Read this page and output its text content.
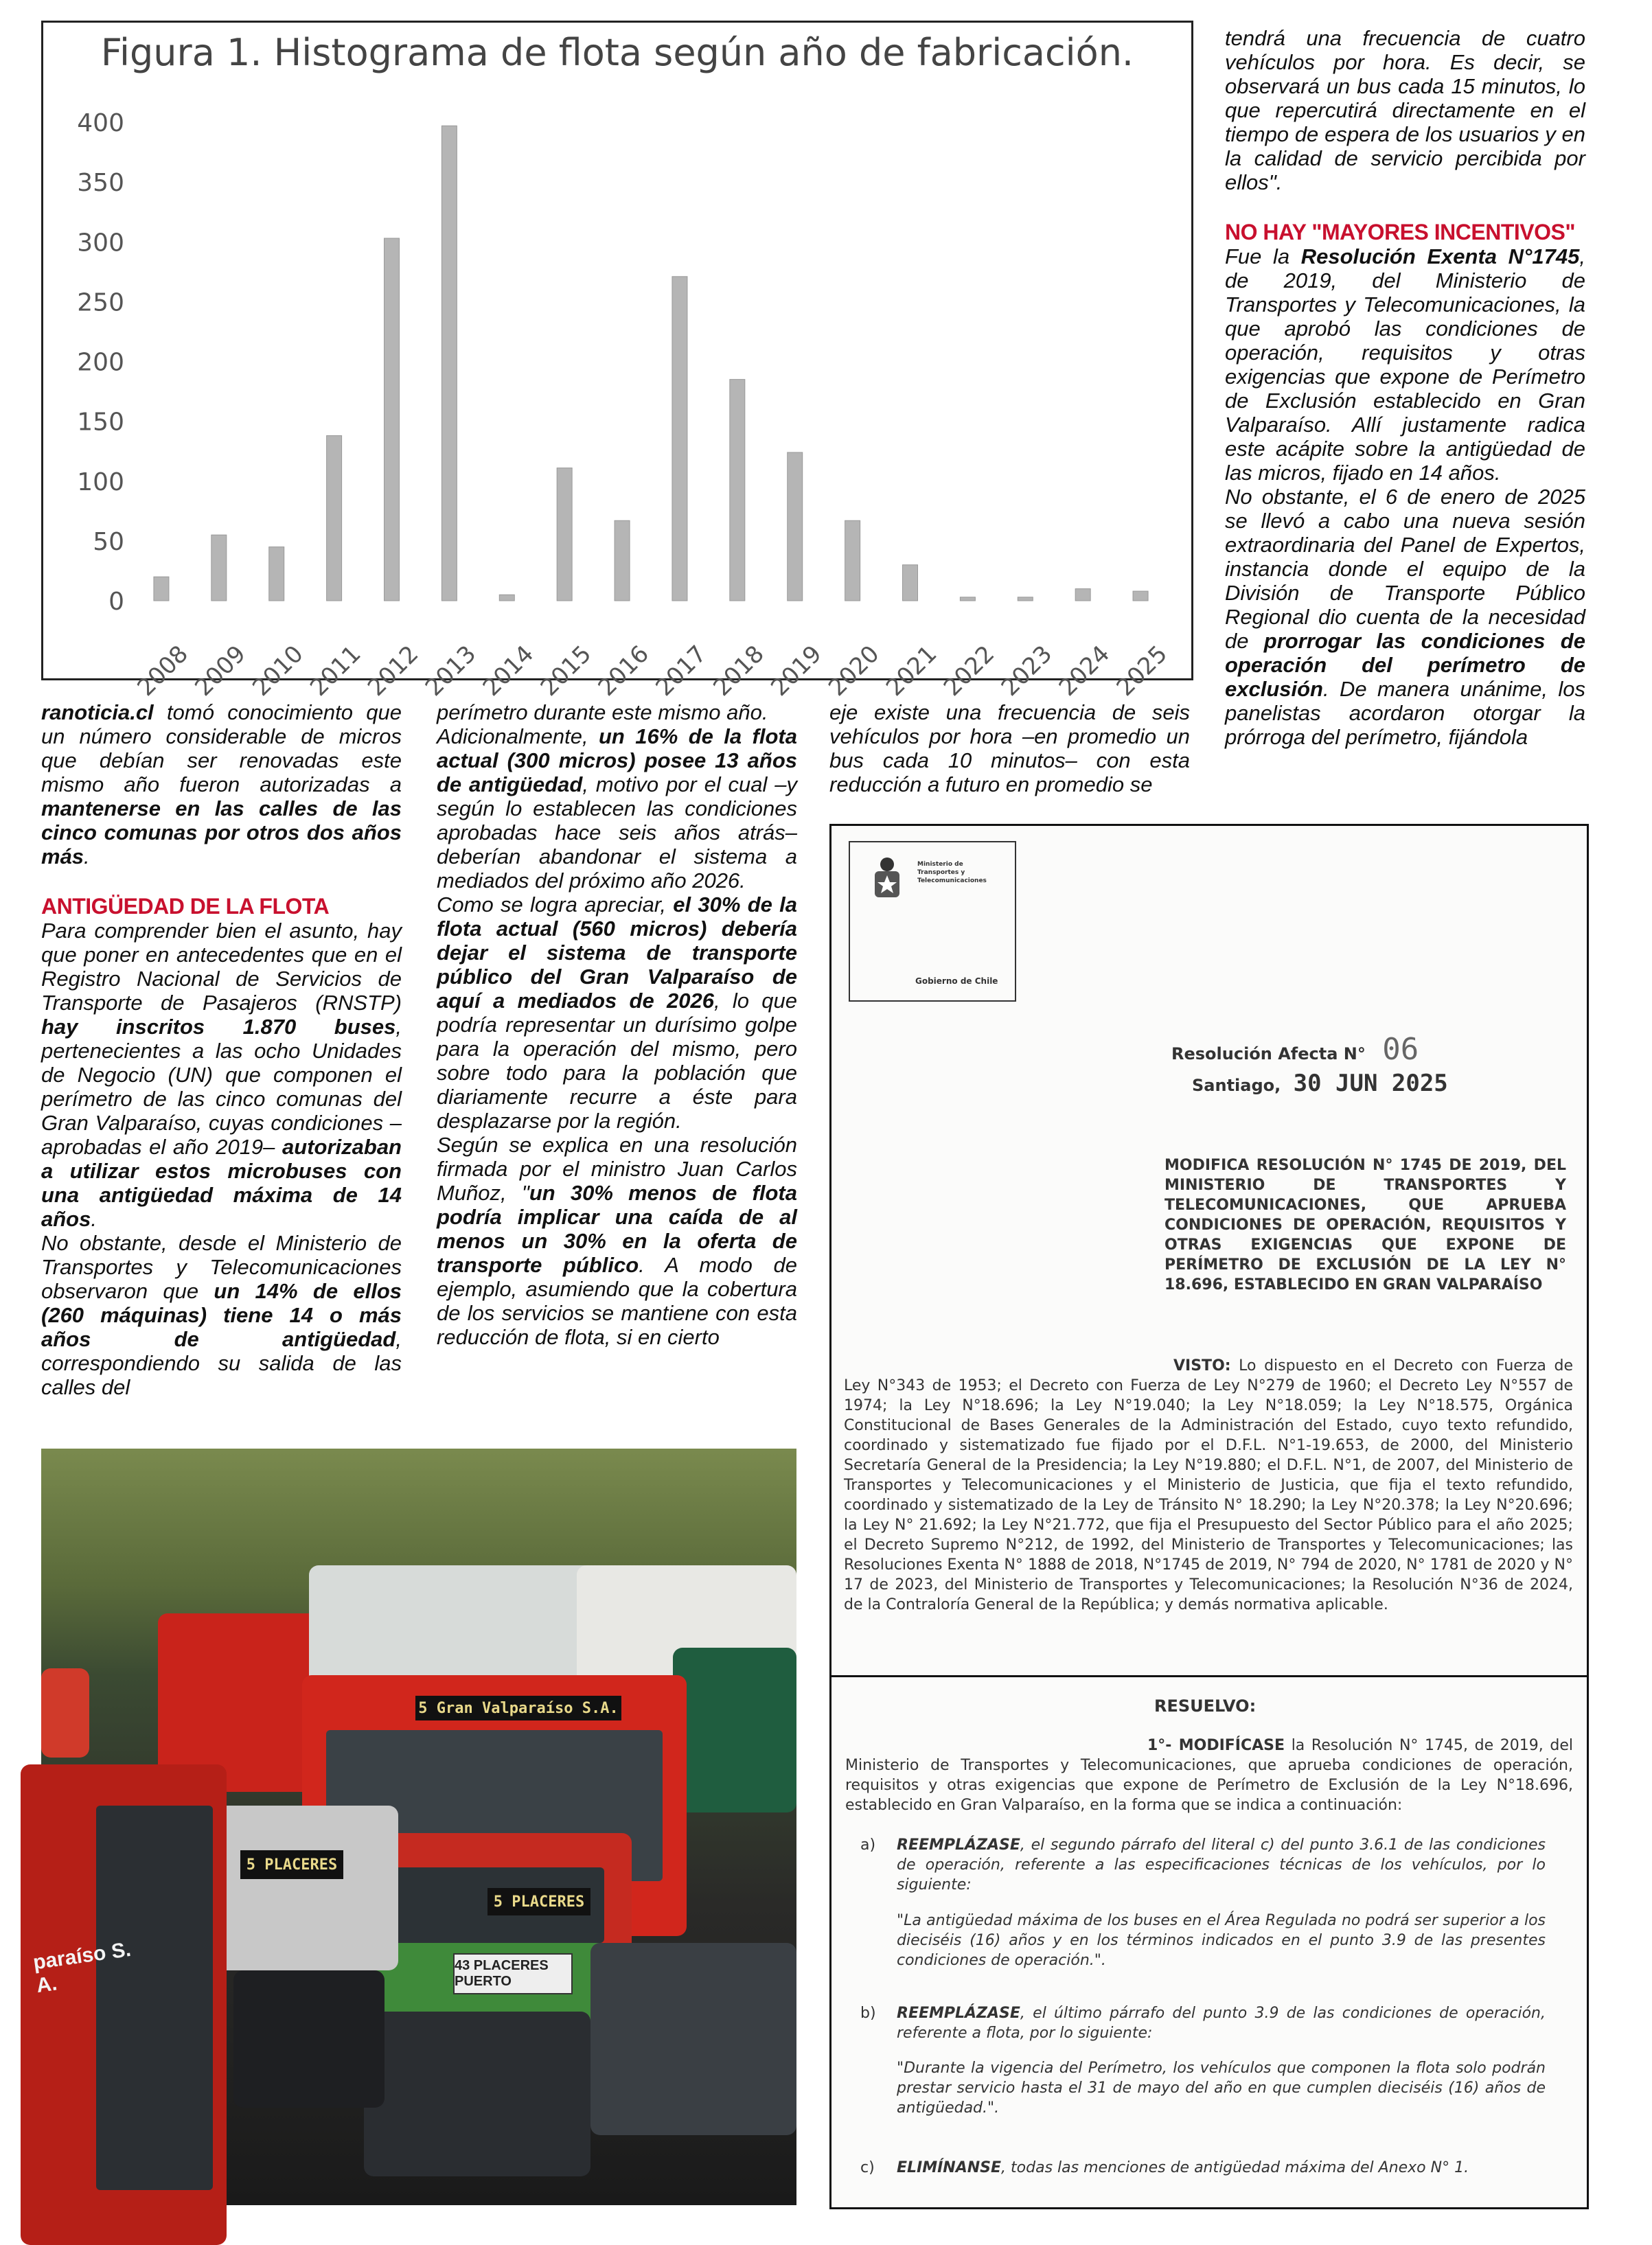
Figura 1. Histograma de flota según año de fabricación.
0
50
100
150
200
250
300
350
400
2008
2009
2010
2011
2012
2013
2014
2015
2016
2017
2018
2019
2020
2021
2022
2023
2024
2025

ranoticia.cl tomó conocimiento que un número considerable de micros que debían ser renovadas este mismo año fueron autorizadas a mantenerse en las calles de las cinco comunas por otros dos años más.

ANTIGÜEDAD DE LA FLOTA

Para comprender bien el asunto, hay que poner en antecedentes que en el Registro Nacional de Servicios de Transporte de Pasajeros (RNSTP) hay inscritos 1.870 buses, pertenecientes a las ocho Unidades de Negocio (UN) que componen el perímetro de las cinco comunas del Gran Valparaíso, cuyas condiciones –aprobadas el año 2019– autorizaban a utilizar estos microbuses con una antigüedad máxima de 14 años.

No obstante, desde el Ministerio de Transportes y Telecomunicaciones observaron que un 14% de ellos (260 máquinas) tiene 14 o más años de antigüedad, correspondiendo su salida de las calles del

perímetro durante este mismo año.

Adicionalmente, un 16% de la flota actual (300 micros) posee 13 años de antigüedad, motivo por el cual –y según lo establecen las condiciones aprobadas hace seis años atrás– deberían abandonar el sistema a mediados del próximo año 2026.

Como se logra apreciar, el 30% de la flota actual (560 micros) debería dejar el sistema de transporte público del Gran Valparaíso de aquí a mediados de 2026, lo que podría representar un durísimo golpe para la operación del mismo, pero sobre todo para la población que diariamente recurre a éste para desplazarse por la región.

Según se explica en una resolución firmada por el ministro Juan Carlos Muñoz, "un 30% menos de flota podría implicar una caída de al menos un 30% en la oferta de transporte público. A modo de ejemplo, asumiendo que la cobertura de los servicios se mantiene con esta reducción de flota, si en cierto

eje existe una frecuencia de seis vehículos por hora –en promedio un bus cada 10 minutos– con esta reducción a futuro en promedio se

tendrá una frecuencia de cuatro vehículos por hora. Es decir, se observará un bus cada 15 minutos, lo que repercutirá directamente en el tiempo de espera de los usuarios y en la calidad de servicio percibida por ellos".

NO HAY "MAYORES INCENTIVOS"

Fue la Resolución Exenta N°1745, de 2019, del Ministerio de Transportes y Telecomunicaciones, la que aprobó las condiciones de operación, requisitos y otras exigencias que expone de Perímetro de Exclusión establecido en Gran Valparaíso. Allí justamente radica este acápite sobre la antigüedad de las micros, fijado en 14 años.

No obstante, el 6 de enero de 2025 se llevó a cabo una nueva sesión extraordinaria del Panel de Expertos, instancia donde el equipo de la División de Transporte Público Regional dio cuenta de la necesidad de prorrogar las condiciones de operación del perímetro de exclusión. De manera unánime, los panelistas acordaron otorgar la prórroga del perímetro, fijándola

5 Gran Valparaíso S.A.
5 PLACERES
5 PLACERES
43 PLACERES PUERTO
paraíso S. A.
Ministerio de Transportes y Telecomunicaciones
Gobierno de Chile
Resolución Afecta N° 06
Santiago, 30 JUN 2025
MODIFICA RESOLUCIÓN N° 1745 DE 2019, DEL MINISTERIO DE TRANSPORTES Y TELECOMUNICACIONES, QUE APRUEBA CONDICIONES DE OPERACIÓN, REQUISITOS Y OTRAS EXIGENCIAS QUE EXPONE DE PERÍMETRO DE EXCLUSIÓN DE LA LEY N° 18.696, ESTABLECIDO EN GRAN VALPARAÍSO
VISTO: Lo dispuesto en el Decreto con Fuerza de Ley N°343 de 1953; el Decreto con Fuerza de Ley N°279 de 1960; el Decreto Ley N°557 de 1974; la Ley N°18.696; la Ley N°19.040; la Ley N°18.059; la Ley N°18.575, Orgánica Constitucional de Bases Generales de la Administración del Estado, cuyo texto refundido, coordinado y sistematizado fue fijado por el D.F.L. N°1-19.653, de 2000, del Ministerio Secretaría General de la Presidencia; la Ley N°19.880; el D.F.L. N°1, de 2007, del Ministerio de Transportes y Telecomunicaciones y el Ministerio de Justicia, que fija el texto refundido, coordinado y sistematizado de la Ley de Tránsito N° 18.290; la Ley N°20.378; la Ley N°20.696; la Ley N° 21.692; la Ley N°21.772, que fija el Presupuesto del Sector Público para el año 2025; el Decreto Supremo N°212, de 1992, del Ministerio de Transportes y Telecomunicaciones; las Resoluciones Exenta N° 1888 de 2018, N°1745 de 2019, N° 794 de 2020, N° 1781 de 2020 y N° 17 de 2023, del Ministerio de Transportes y Telecomunicaciones; la Resolución N°36 de 2024, de la Contraloría General de la República; y demás normativa aplicable.
RESUELVO:
1°- MODIFÍCASE la Resolución N° 1745, de 2019, del Ministerio de Transportes y Telecomunicaciones, que aprueba condiciones de operación, requisitos y otras exigencias que expone de Perímetro de Exclusión de la Ley N°18.696, establecido en Gran Valparaíso, en la forma que se indica a continuación:
a) REEMPLÁZASE, el segundo párrafo del literal c) del punto 3.6.1 de las condiciones de operación, referente a las especificaciones técnicas de los vehículos, por lo siguiente:
"La antigüedad máxima de los buses en el Área Regulada no podrá ser superior a los dieciséis (16) años y en los términos indicados en el punto 3.9 de las presentes condiciones de operación.".
b) REEMPLÁZASE, el último párrafo del punto 3.9 de las condiciones de operación, referente a flota, por lo siguiente:
"Durante la vigencia del Perímetro, los vehículos que componen la flota solo podrán prestar servicio hasta el 31 de mayo del año en que cumplen dieciséis (16) años de antigüedad.".
c) ELIMÍNANSE, todas las menciones de antigüedad máxima del Anexo N° 1.
